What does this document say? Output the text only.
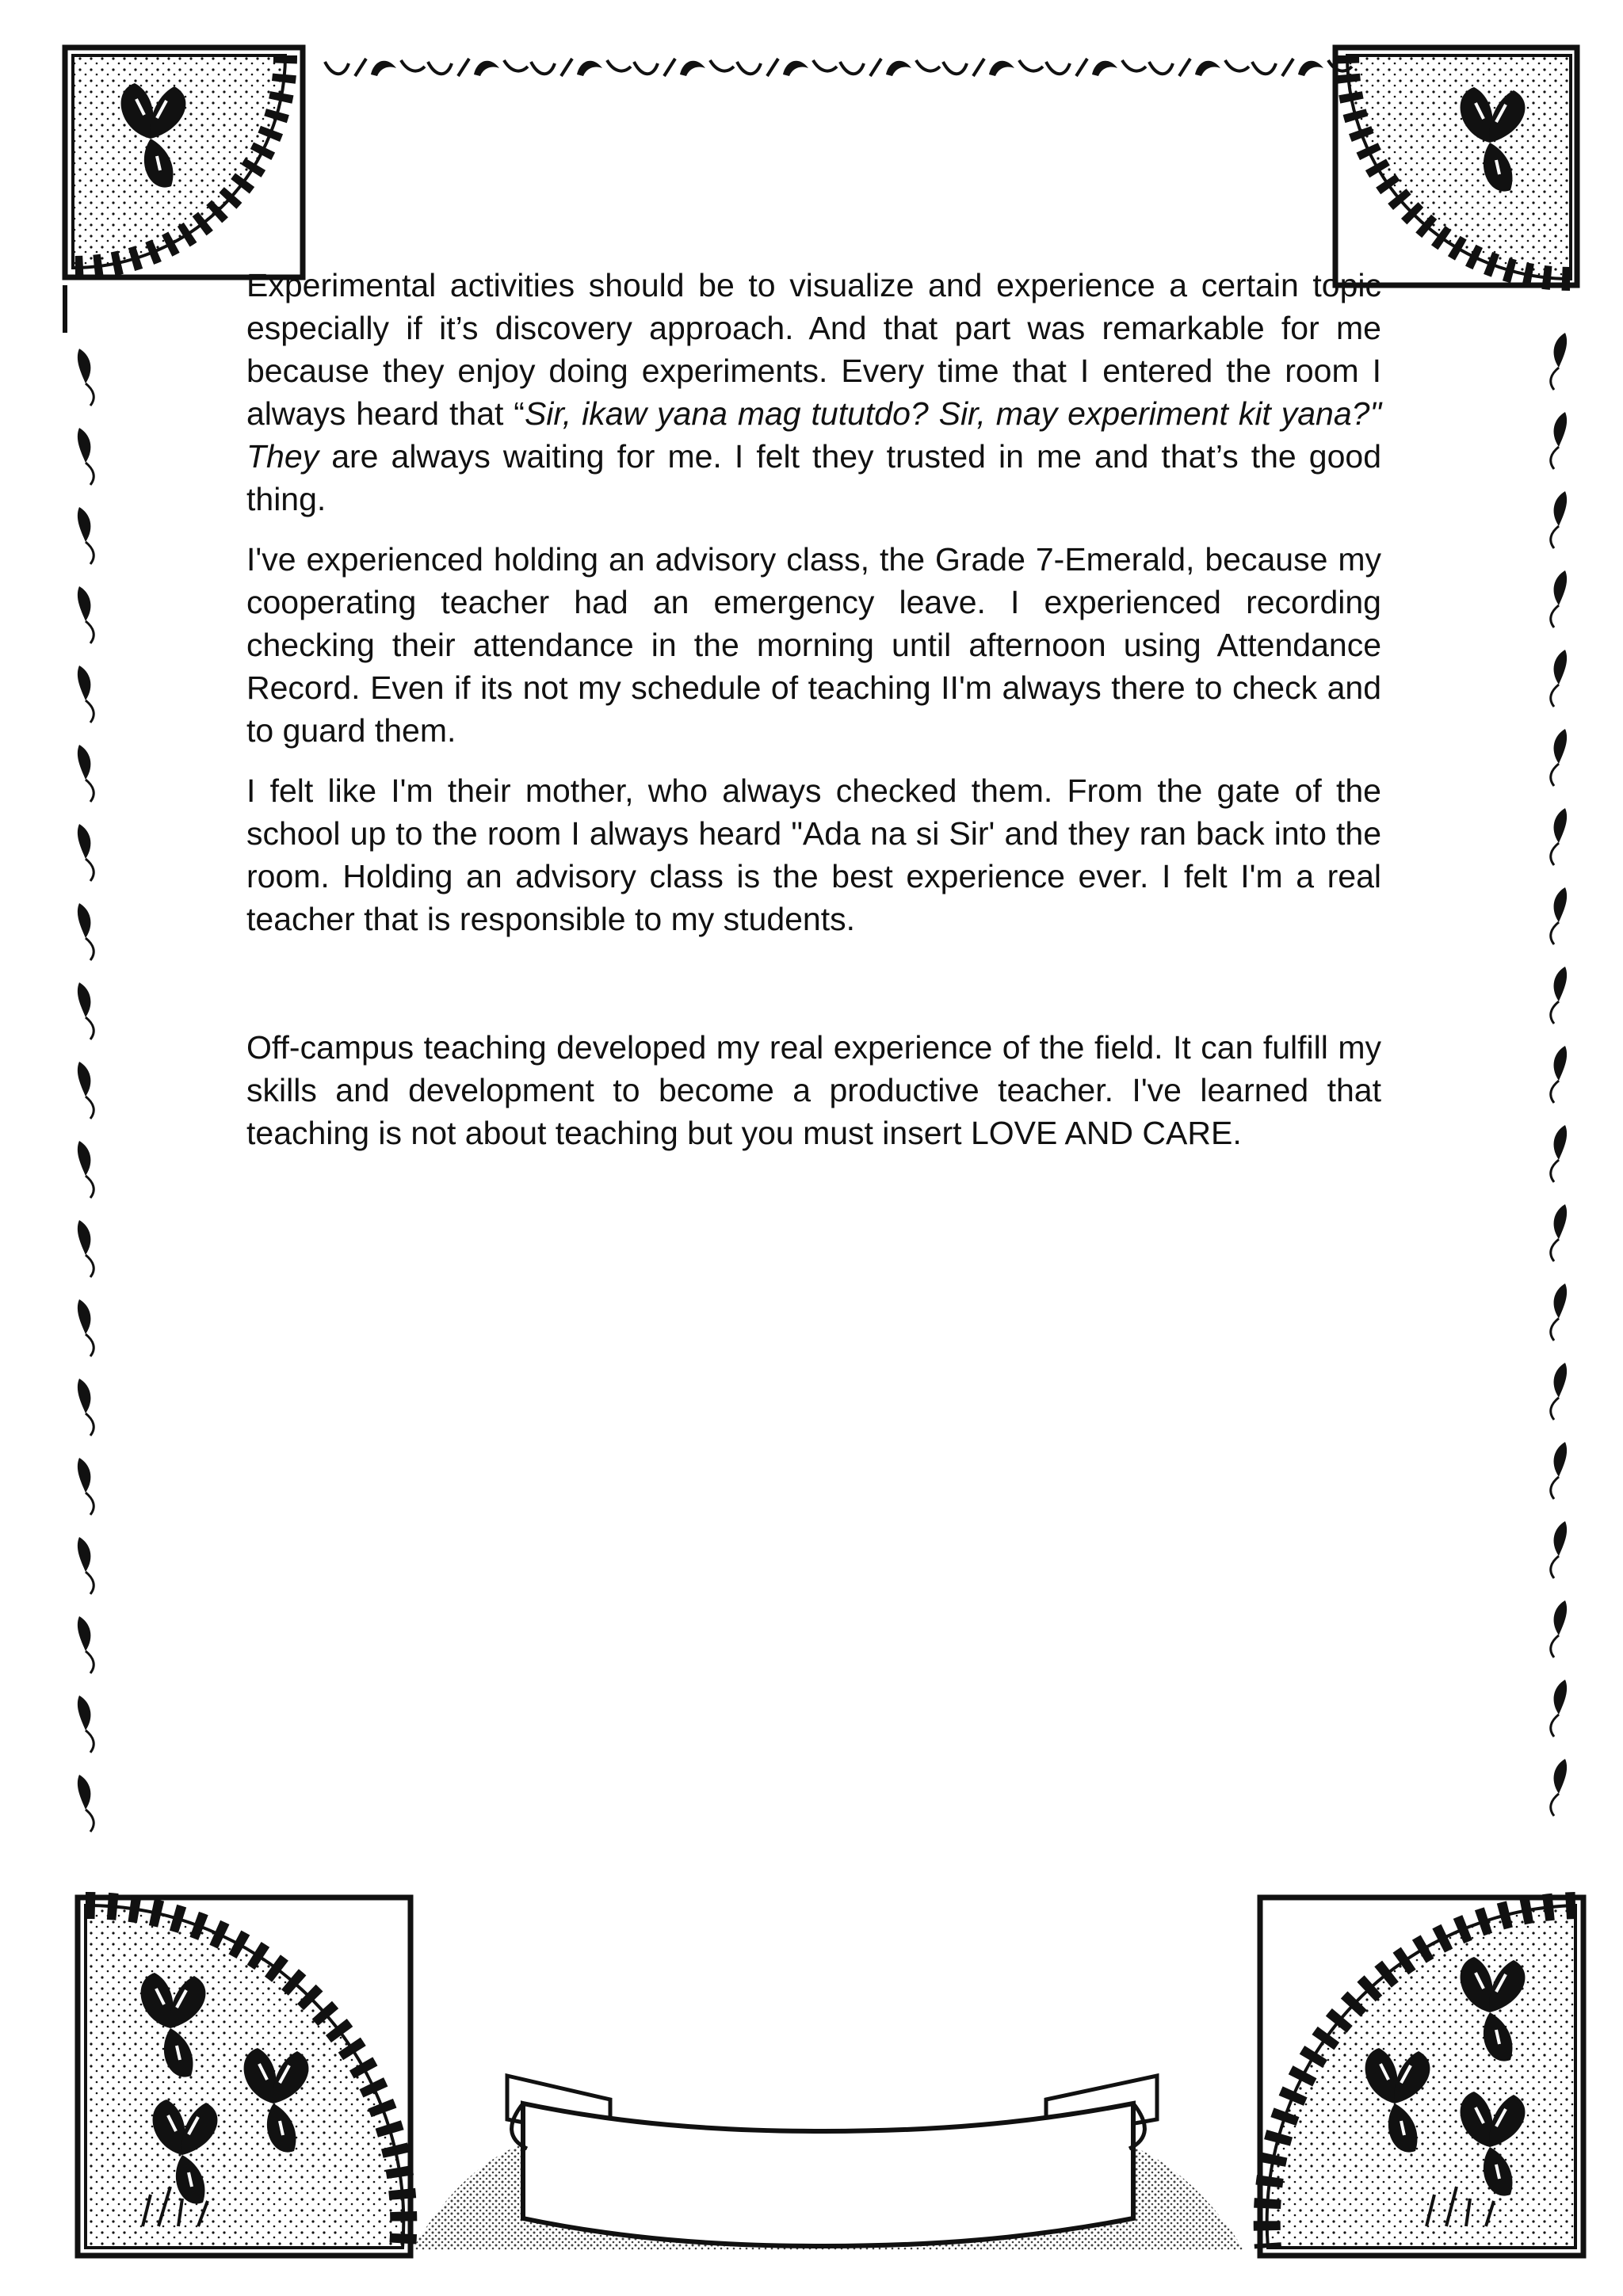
Experimental activities should be to visualize and experience a certain topic especially if it’s discovery approach. And that part was remarkable for me because they enjoy doing experiments. Every time that I entered the room I always heard that “Sir, ikaw yana mag tututdo? Sir, may experiment kit yana?" They are always waiting for me. I felt they trusted in me and that’s the good thing.

I've experienced holding an advisory class, the Grade 7-Emerald, because my cooperating teacher had an emergency leave. I experienced recording checking their attendance in the morning until afternoon using Attendance Record. Even if its not my schedule of teaching II'm always there to check and to guard them.

I felt like I'm their mother, who always checked them. From the gate of the school up to the room I always heard "Ada na si Sir' and they ran back into the room. Holding an advisory class is the best experience ever. I felt I'm a real teacher that is responsible to my students.

Off-campus teaching developed my real experience of the field. It can fulfill my skills and development to become a productive teacher. I've learned that teaching is not about teaching but you must insert LOVE AND CARE.
